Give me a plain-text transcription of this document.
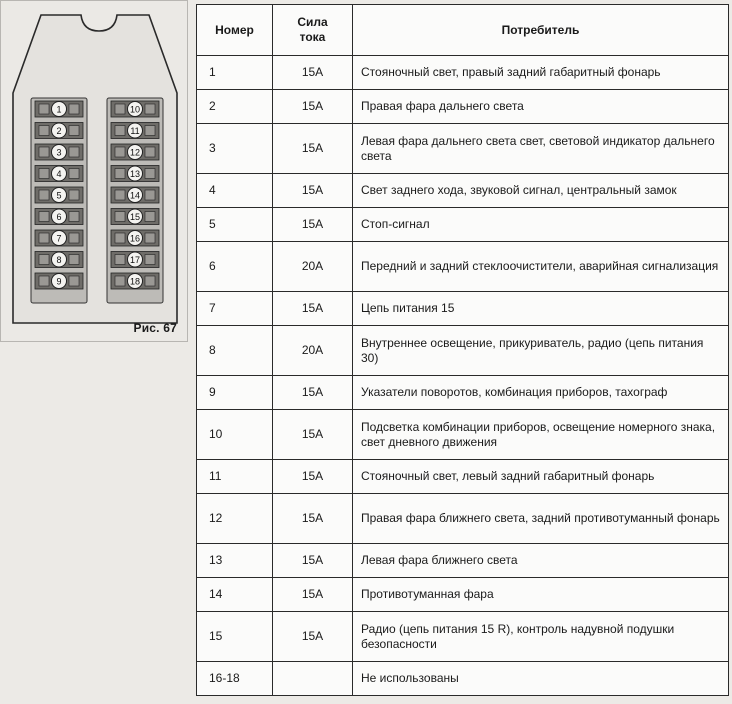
1
2
3
4
5
6
7
8
9
10
11
12
13
14
15
16
17
18
Рис. 67
Номер	Сила тока	Потребитель
1	15A	Стояночный свет, правый задний габаритный фонарь
2	15A	Правая фара дальнего света
3	15A	Левая фара дальнего света свет, световой индикатор дальнего света
4	15A	Свет заднего хода, звуковой сигнал, центральный замок
5	15A	Стоп-сигнал
6	20A	Передний и задний стеклоочистители, аварийная сигнализация
7	15A	Цепь питания 15
8	20A	Внутреннее освещение, прикуриватель, радио (цепь питания 30)
9	15A	Указатели поворотов, комбинация приборов, тахограф
10	15A	Подсветка комбинации приборов, освещение номерного знака, свет дневного движения
11	15A	Стояночный свет, левый задний габаритный фонарь
12	15A	Правая фара ближнего света, задний противотуманный фонарь
13	15A	Левая фара ближнего света
14	15A	Противотуманная фара
15	15A	Радио (цепь питания 15 R), контроль надувной подушки безопасности
16-18		Не использованы
